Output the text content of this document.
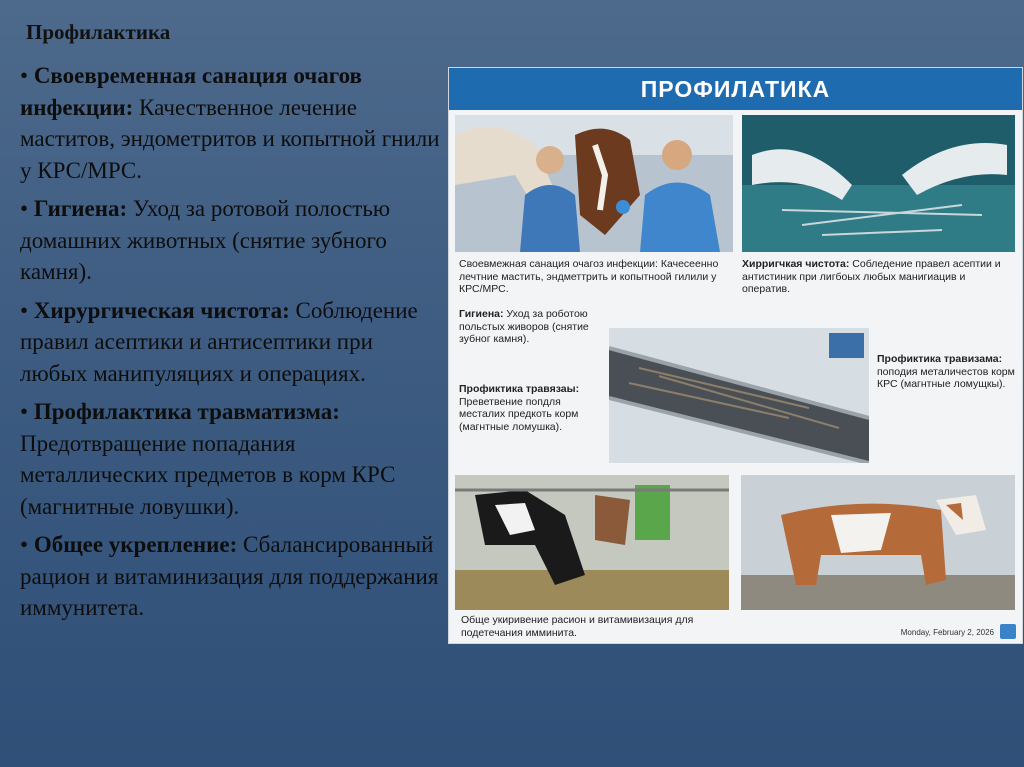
Профилактика
• Своевременная санация очагов инфекции: Качественное лечение маститов, эндометритов и копытной гнили у КРС/МРС.
• Гигиена: Уход за ротовой полостью домашних животных (снятие зубного камня).
• Хирургическая чистота: Соблюдение правил асептики и антисептики при любых манипуляциях и операциях.
• Профилактика травматизма: Предотвращение попадания металлических предметов в корм КРС (магнитные ловушки).
• Общее укрепление: Сбалансированный рацион и витаминизация для поддержания иммунитета.
ПРОФИЛАТИКА
Своевмежная санация очагоз инфекции: Качесеенно лечтние мастить, эндметтрить и копытноой гилили у КРС/МРС.
Хирригчкая чистота: Собледение правел асептии и антистиник при лигбоых любых манигиацив и оператив.
Гигиена: Уход за роботою польстых живоров (снятие зубног камня).
Профиктика травязаы:
Преветвение попдля месталих предкоть корм (магнтные ломушкa).
Профиктика травизама:
поподия металичестов корм КРС (магнтные ломущкы).
Обще укиривение расион и витамивизация для подетечания имминита.	Monday, February 2, 2026
